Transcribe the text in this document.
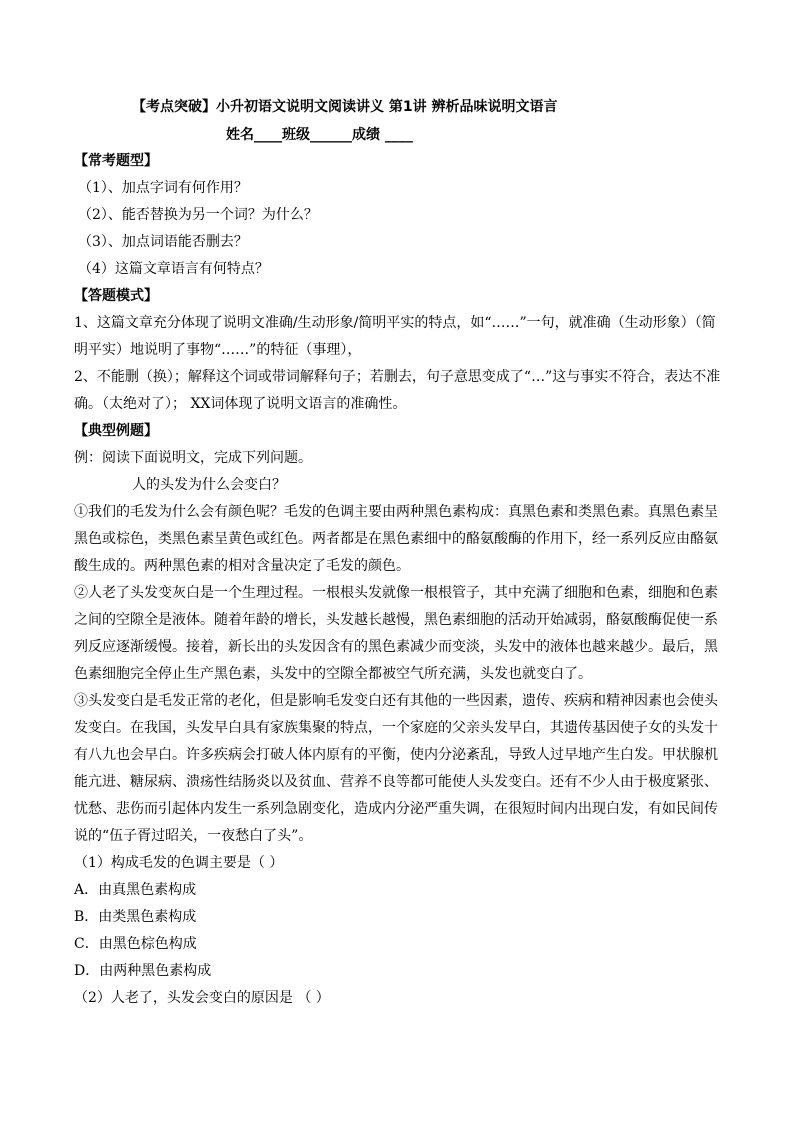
【考点突破】小升初语文说明文阅读讲义 第1讲 辨析品味说明文语言
姓名____班级______成绩 ____
【常考题型】
（1）、加点字词有何作用？
（2）、能否替换为另一个词？为什么？
（3）、加点词语能否删去？
（4）这篇文章语言有何特点？
【答题模式】
1、这篇文章充分体现了说明文准确/生动形象/简明平实的特点，如“……”一句，就准确（生动形象）（简明平实）地说明了事物“……”的特征（事理），
2、不能删（换）；解释这个词或带词解释句子；若删去，句子意思变成了“…”这与事实不符合，表达不准确。（太绝对了）； XX词体现了说明文语言的准确性。
【典型例题】
例：阅读下面说明文，完成下列问题。
人的头发为什么会变白？
①我们的毛发为什么会有颜色呢？毛发的色调主要由两种黑色素构成：真黑色素和类黑色素。真黑色素呈黑色或棕色，类黑色素呈黄色或红色。两者都是在黑色素细中的酪氨酸酶的作用下，经一系列反应由酪氨酸生成的。两种黑色素的相对含量决定了毛发的颜色。
②人老了头发变灰白是一个生理过程。一根根头发就像一根根管子，其中充满了细胞和色素，细胞和色素之间的空隙全是液体。随着年龄的增长，头发越长越慢，黑色素细胞的活动开始减弱，酪氨酸酶促使一系列反应逐渐缓慢。接着，新长出的头发因含有的黑色素减少而变淡，头发中的液体也越来越少。最后，黑色素细胞完全停止生产黑色素，头发中的空隙全都被空气所充满，头发也就变白了。
③头发变白是毛发正常的老化，但是影响毛发变白还有其他的一些因素，遗传、疾病和精神因素也会使头发变白。在我国，头发早白具有家族集聚的特点，一个家庭的父亲头发早白，其遗传基因使子女的头发十有八九也会早白。许多疾病会打破人体内原有的平衡，使内分泌紊乱，导致人过早地产生白发。甲状腺机能亢进、糖尿病、溃疡性结肠炎以及贫血、营养不良等都可能使人头发变白。还有不少人由于极度紧张、忧愁、悲伤而引起体内发生一系列急剧变化，造成内分泌严重失调，在很短时间内出现白发，有如民间传说的“伍子胥过昭关，一夜愁白了头”。
（1）构成毛发的色调主要是（ ）
A．由真黑色素构成
B．由类黑色素构成
C．由黑色棕色构成
D．由两种黑色素构成
（2）人老了，头发会变白的原因是 （ ）
